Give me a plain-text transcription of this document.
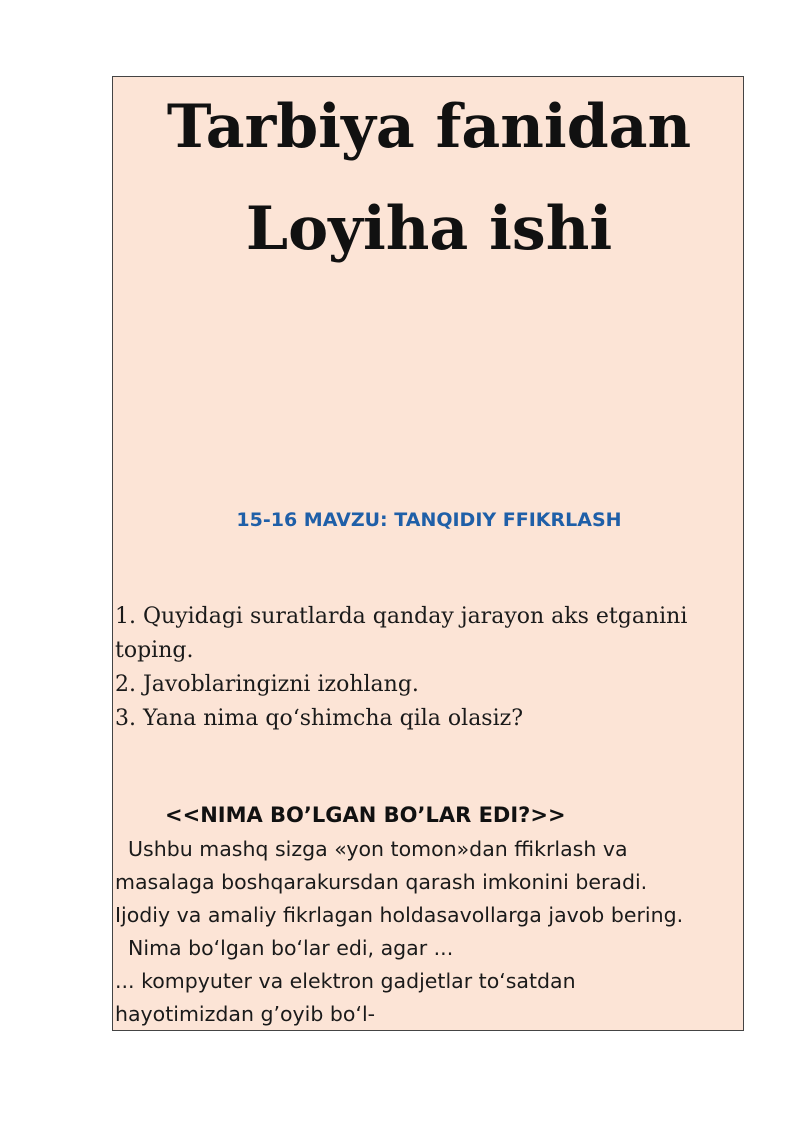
Tarbiya fanidan
Loyiha ishi
15-16 MAVZU: TANQIDIY FFIKRLASH
1. Quyidagi suratlarda qanday jarayon aks etganini
toping.
2. Javoblaringizni izohlang.
3. Yana nima qo‘shimcha qila olasiz?
<<NIMA BO’LGAN BO’LAR EDI?>>
Ushbu mashq sizga «yon tomon»dan ffikrlash va
masalaga boshqarakursdan qarash imkonini beradi.
Ijodiy va amaliy fikrlagan holdasavollarga javob bering.
Nima bo‘lgan bo‘lar edi, agar ...
... kompyuter va elektron gadjetlar to‘satdan
hayotimizdan g’oyib bo‘l-
